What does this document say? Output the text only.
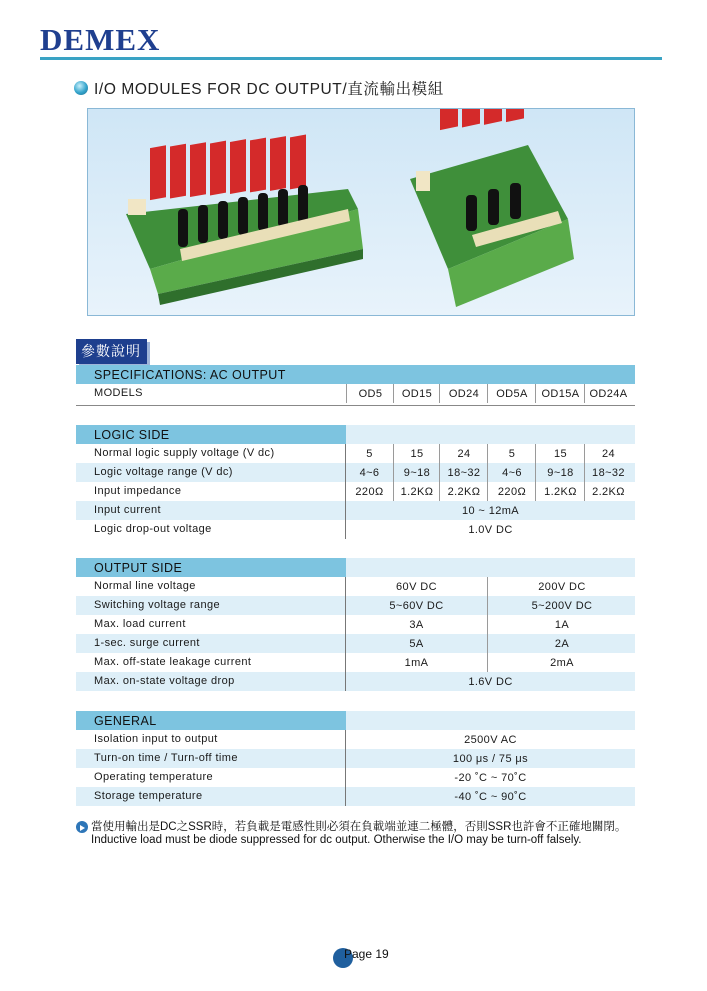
DEMEX
I/O MODULES FOR DC OUTPUT/直流輸出模組
參數說明
SPECIFICATIONS: AC OUTPUT
MODELS	OD5	OD15	OD24	OD5A	OD15A OD24A
LOGIC SIDE
Normal logic supply voltage (V dc)	5	15	24	5	15	24
Logic voltage range (V dc)	4~6	9~18	18~32	4~6	9~18	18~32
Input impedance	220Ω	1.2KΩ	2.2KΩ	220Ω	1.2KΩ	2.2KΩ
Input current	10 ~ 12mA
Logic drop-out voltage	1.0V DC
OUTPUT SIDE
Normal line voltage	60V DC	200V DC
Switching voltage range	5~60V DC	5~200V DC
Max. load current	3A	1A
1-sec. surge current	5A	2A
Max. off-state leakage current	1mA	2mA
Max. on-state voltage drop	1.6V DC
GENERAL
Isolation input to output	2500V AC
Turn-on time / Turn-off time	100 μs / 75 μs
Operating temperature	-20 ˚C ~ 70˚C
Storage temperature	-40 ˚C ~ 90˚C
當使用輸出是DC之SSR時，若負載是電感性則必須在負載端並連二極體，否則SSR也許會不正確地關閉。
Inductive load must be diode suppressed for dc output. Otherwise the I/O may be turn-off falsely.
Page 19
